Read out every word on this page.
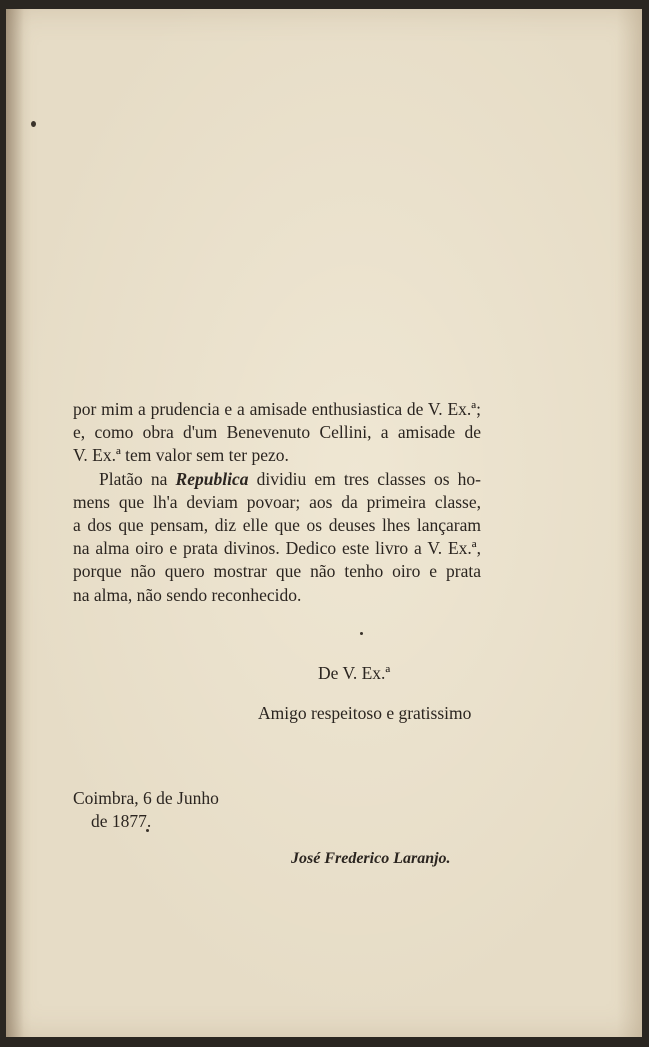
por mim a prudencia e a amisade enthusiastica de V. Ex.ª;
e, como obra d'um Benevenuto Cellini, a amisade de
V. Ex.ª tem valor sem ter pezo.
Platão na Republica dividiu em tres classes os ho-
mens que lh'a deviam povoar; aos da primeira classe,
a dos que pensam, diz elle que os deuses lhes lançaram
na alma oiro e prata divinos. Dedico este livro a V. Ex.ª,
porque não quero mostrar que não tenho oiro e prata
na alma, não sendo reconhecido.
De V. Ex.ª
Amigo respeitoso e gratissimo
Coimbra, 6 de Junho
de 1877.
José Frederico Laranjo.
